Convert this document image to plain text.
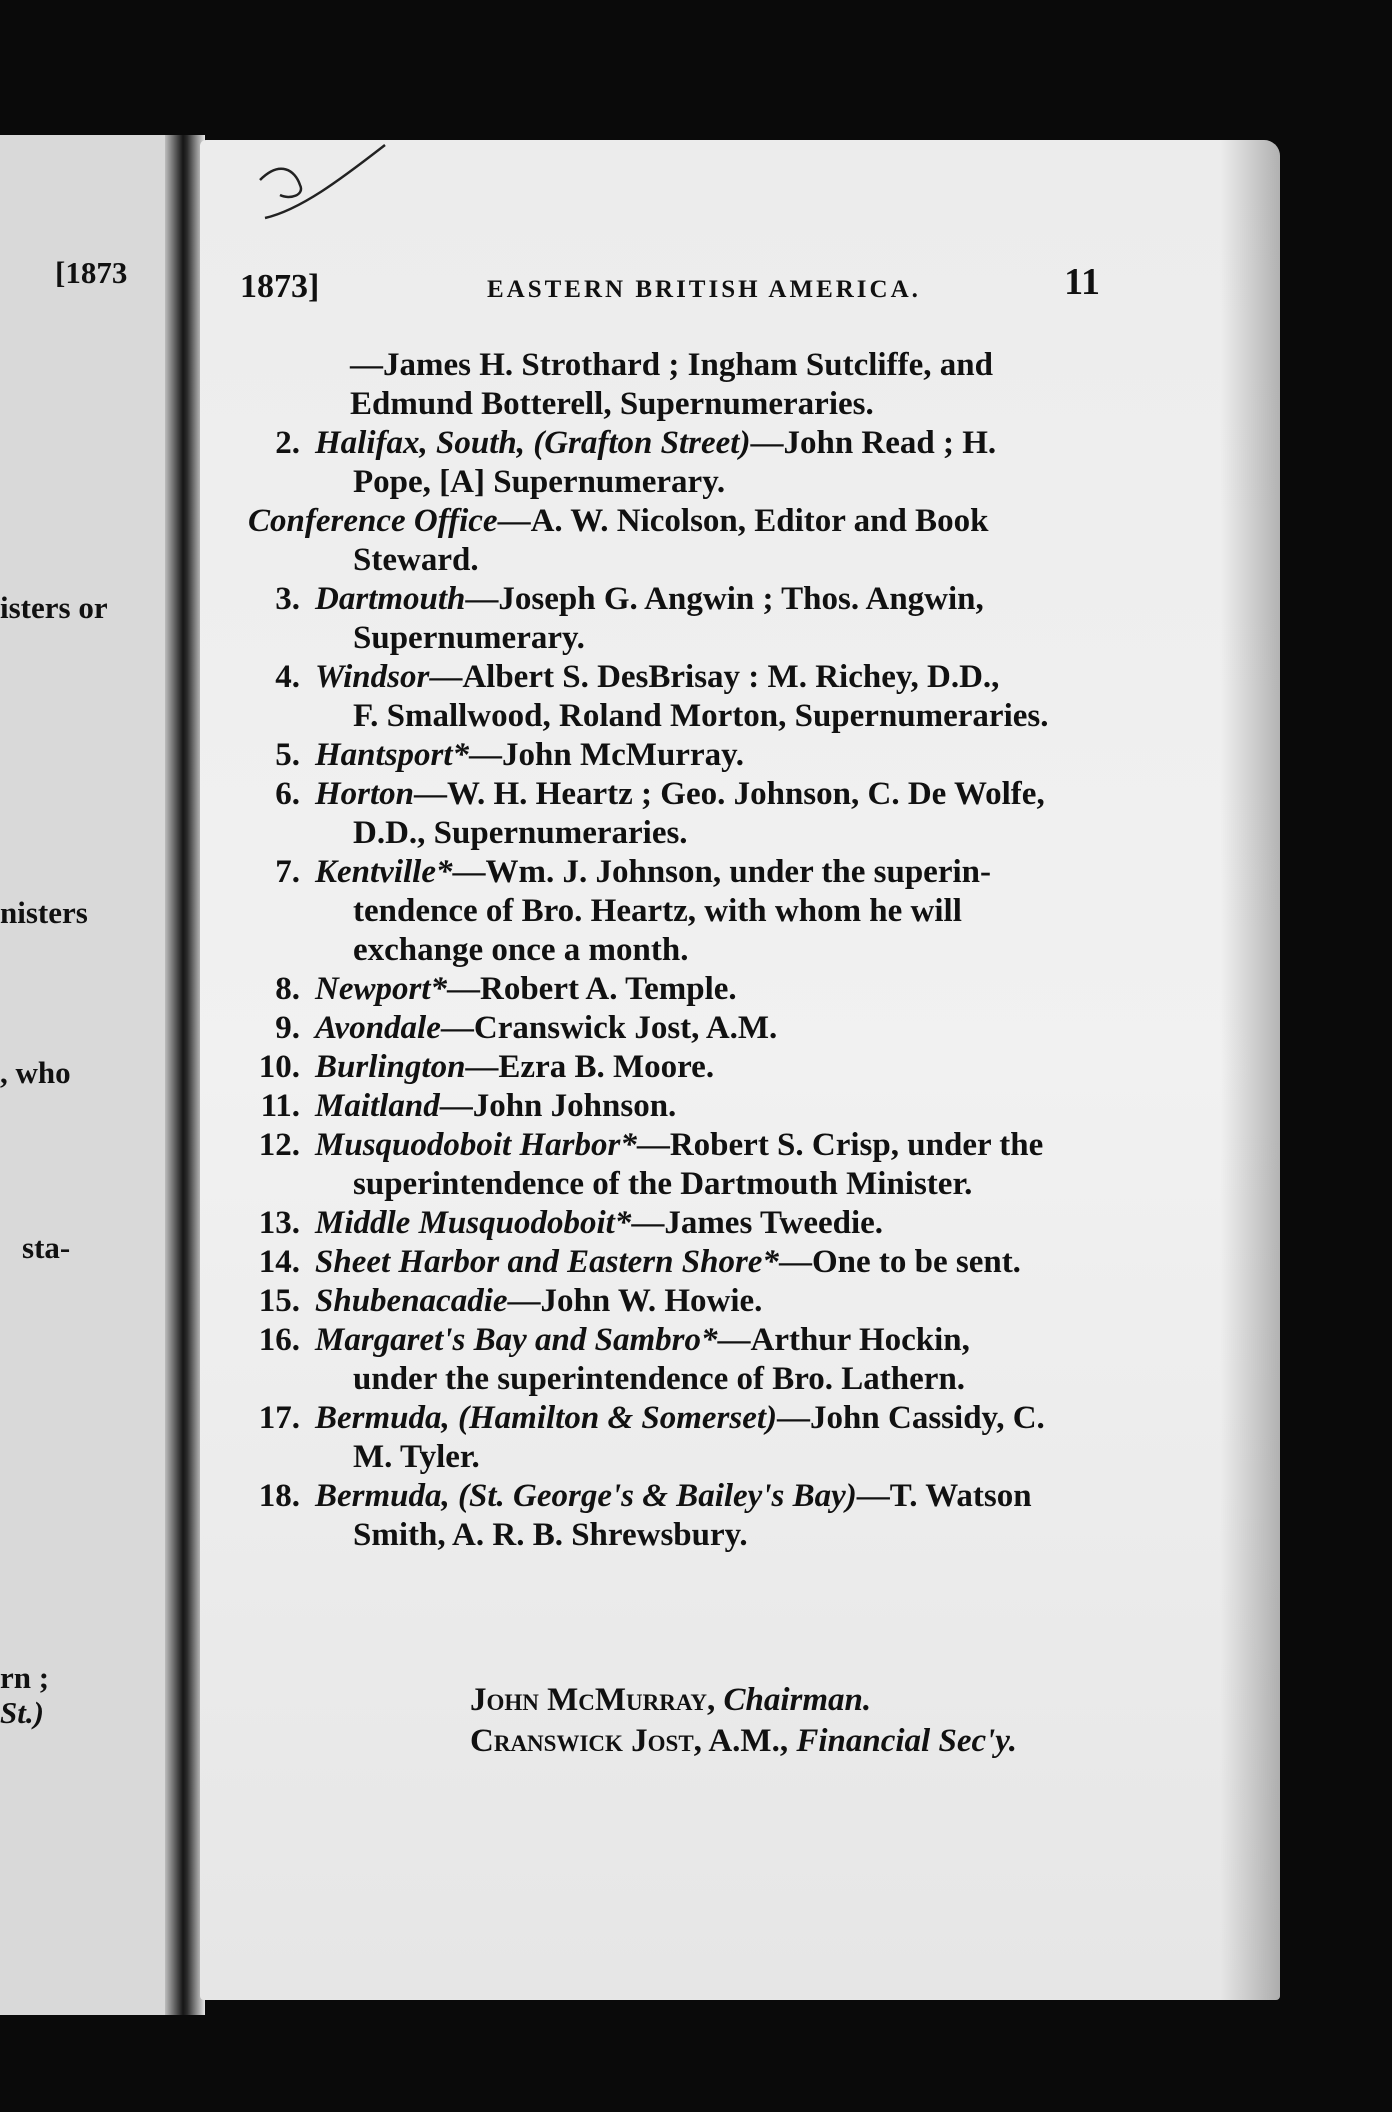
[1873
isters or
nisters
, who
sta-
rn ;
St.)
1873]	EASTERN BRITISH AMERICA.	11
—James H. Strothard ; Ingham Sutcliffe, and
Edmund Botterell, Supernumeraries.
2. Halifax, South, (Grafton Street)—John Read ; H.
Pope, [A] Supernumerary.
Conference Office—A. W. Nicolson, Editor and Book
Steward.
3. Dartmouth—Joseph G. Angwin ; Thos. Angwin,
Supernumerary.
4. Windsor—Albert S. DesBrisay : M. Richey, D.D.,
F. Smallwood, Roland Morton, Supernumeraries.
5. Hantsport*—John McMurray.
6. Horton—W. H. Heartz ; Geo. Johnson, C. De Wolfe,
D.D., Supernumeraries.
7. Kentville*—Wm. J. Johnson, under the superin-
tendence of Bro. Heartz, with whom he will
exchange once a month.
8. Newport*—Robert A. Temple.
9. Avondale—Cranswick Jost, A.M.
10. Burlington—Ezra B. Moore.
11. Maitland—John Johnson.
12. Musquodoboit Harbor*—Robert S. Crisp, under the
superintendence of the Dartmouth Minister.
13. Middle Musquodoboit*—James Tweedie.
14. Sheet Harbor and Eastern Shore*—One to be sent.
15. Shubenacadie—John W. Howie.
16. Margaret's Bay and Sambro*—Arthur Hockin,
under the superintendence of Bro. Lathern.
17. Bermuda, (Hamilton & Somerset)—John Cassidy, C.
M. Tyler.
18. Bermuda, (St. George's & Bailey's Bay)—T. Watson
Smith, A. R. B. Shrewsbury.
John McMurray, Chairman.
Cranswick Jost, A.M., Financial Sec'y.
